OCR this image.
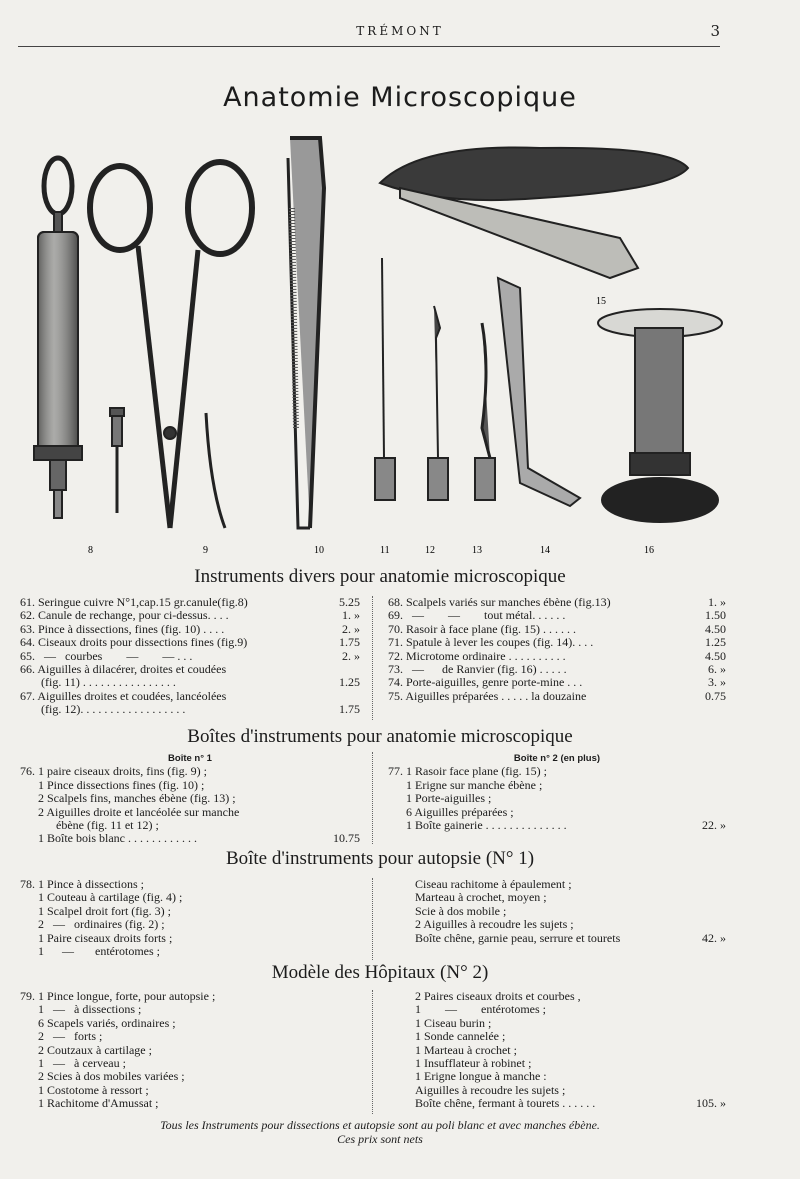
TRÉMONT	3
Anatomie Microscopique
8	9	10	11	12	13	14
15
16
Instruments divers pour anatomie microscopique
61. Seringue cuivre N°1,cap.15 gr.canule(fig.8)	5.25
62. Canule de rechange, pour ci-dessus. . . .	1. »
63. Pince à dissections, fines (fig. 10) . . . .	2. »
64. Ciseaux droits pour dissections fines (fig.9)	1.75
65.   —   courbes        —        — . . .	2. »
66. Aiguilles à dilacérer, droites et coudées
(fig. 11) . . . . . . . . . . . . . . . .	1.25
67. Aiguilles droites et coudées, lancéolées
(fig. 12). . . . . . . . . . . . . . . . . .	1.75
68. Scalpels variés sur manches ébène (fig.13)	1. »
69.   —        —        tout métal. . . . . .	1.50
70. Rasoir à face plane (fig. 15) . . . . . .	4.50
71. Spatule à lever les coupes (fig. 14). . . .	1.25
72. Microtome ordinaire . . . . . . . . . .	4.50
73.   —      de Ranvier (fig. 16) . . . . .	6. »
74. Porte-aiguilles, genre porte-mine . . .	3. »
75. Aiguilles préparées . . . . . la douzaine	0.75
Boîtes d'instruments pour anatomie microscopique
Boîte n° 1
76. 1 paire ciseaux droits, fins (fig. 9) ;
1 Pince dissections fines (fig. 10) ;
2 Scalpels fins, manches ébène (fig. 13) ;
2 Aiguilles droite et lancéolée sur manche
ébène (fig. 11 et 12) ;
1 Boîte bois blanc . . . . . . . . . . . .	10.75
Boîte n° 2 (en plus)
77. 1 Rasoir face plane (fig. 15) ;
1 Erigne sur manche ébène ;
1 Porte-aiguilles ;
6 Aiguilles préparées ;
1 Boîte gainerie . . . . . . . . . . . . . .	22. »
Boîte d'instruments pour autopsie (N° 1)
78. 1 Pince à dissections ;
1 Couteau à cartilage (fig. 4) ;
1 Scalpel droit fort (fig. 3) ;
2   —   ordinaires (fig. 2) ;
1 Paire ciseaux droits forts ;
1      —       entérotomes ;
Ciseau rachitome à épaulement ;
Marteau à crochet, moyen ;
Scie à dos mobile ;
2 Aiguilles à recoudre les sujets ;
Boîte chêne, garnie peau, serrure et tourets	42. »
Modèle des Hôpitaux (N° 2)
79. 1 Pince longue, forte, pour autopsie ;
1   —   à dissections ;
6 Scapels variés, ordinaires ;
2   —   forts ;
2 Coutzaux à cartilage ;
1   —   à cerveau ;
2 Scies à dos mobiles variées ;
1 Costotome à ressort ;
1 Rachitome d'Amussat ;
2 Paires ciseaux droits et courbes ,
1        —        entérotomes ;
1 Ciseau burin ;
1 Sonde cannelée ;
1 Marteau à crochet ;
1 Insufflateur à robinet ;
1 Erigne longue à manche :
Aiguilles à recoudre les sujets ;
Boîte chêne, fermant à tourets . . . . . .	105. »
Tous les Instruments pour dissections et autopsie sont au poli blanc et avec manches ébène.
Ces prix sont nets
